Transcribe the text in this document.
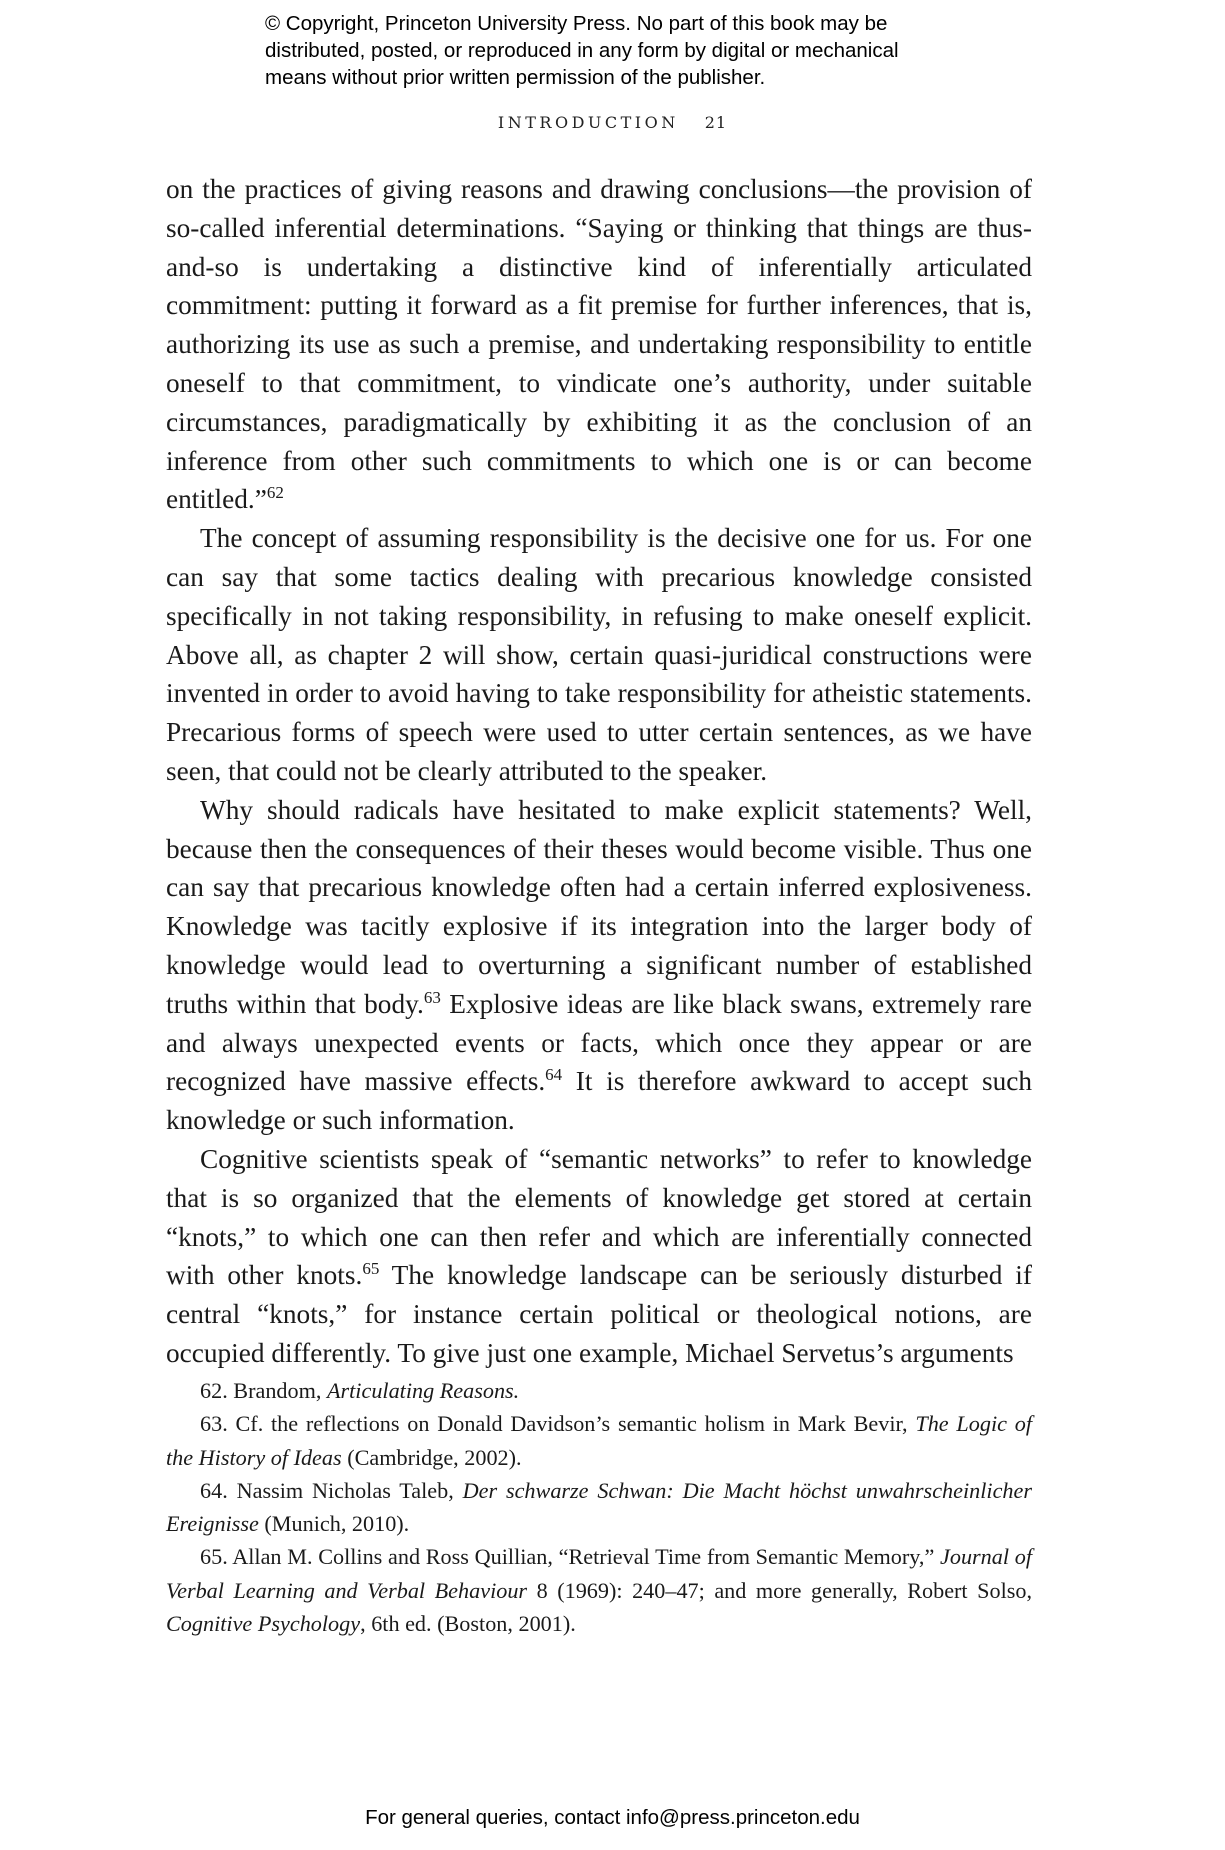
© Copyright, Princeton University Press. No part of this book may be
distributed, posted, or reproduced in any form by digital or mechanical
means without prior written permission of the publisher.
INTRODUCTION 21

on the practices of giving reasons and drawing conclusions—the provision of so-called inferential determinations. “Saying or thinking that things are thus-and-so is undertaking a distinctive kind of inferentially articulated commitment: putting it forward as a fit premise for further inferences, that is, authorizing its use as such a premise, and undertaking responsibility to entitle oneself to that commitment, to vindicate one’s authority, under suitable circumstances, paradigmatically by exhibiting it as the conclusion of an inference from other such commitments to which one is or can become entitled.”$^{62}$

The concept of assuming responsibility is the decisive one for us. For one can say that some tactics dealing with precarious knowledge consisted specifically in not taking responsibility, in refusing to make oneself explicit. Above all, as chapter 2 will show, certain quasi-juridical constructions were invented in order to avoid having to take responsibility for atheistic statements. Precarious forms of speech were used to utter certain sentences, as we have seen, that could not be clearly attributed to the speaker.

Why should radicals have hesitated to make explicit statements? Well, because then the consequences of their theses would become visible. Thus one can say that precarious knowledge often had a certain inferred explosiveness. Knowledge was tacitly explosive if its integration into the larger body of knowledge would lead to overturning a significant number of established truths within that body.$^{63}$ Explosive ideas are like black swans, extremely rare and always unexpected events or facts, which once they appear or are recognized have massive effects.$^{64}$ It is therefore awkward to accept such knowledge or such information.

Cognitive scientists speak of “semantic networks” to refer to knowledge that is so organized that the elements of knowledge get stored at certain “knots,” to which one can then refer and which are inferentially connected with other knots.$^{65}$ The knowledge landscape can be seriously disturbed if central “knots,” for instance certain political or theological notions, are occupied differently. To give just one example, Michael Servetus’s arguments

62. Brandom, Articulating Reasons.

63. Cf. the reflections on Donald Davidson’s semantic holism in Mark Bevir, The Logic of the History of Ideas (Cambridge, 2002).

64. Nassim Nicholas Taleb, Der schwarze Schwan: Die Macht höchst unwahrscheinlicher Ereignisse (Munich, 2010).

65. Allan M. Collins and Ross Quillian, “Retrieval Time from Semantic Memory,” Journal of Verbal Learning and Verbal Behaviour 8 (1969): 240–47; and more generally, Robert Solso, Cognitive Psychology, 6th ed. (Boston, 2001).

For general queries, contact info@press.princeton.edu
